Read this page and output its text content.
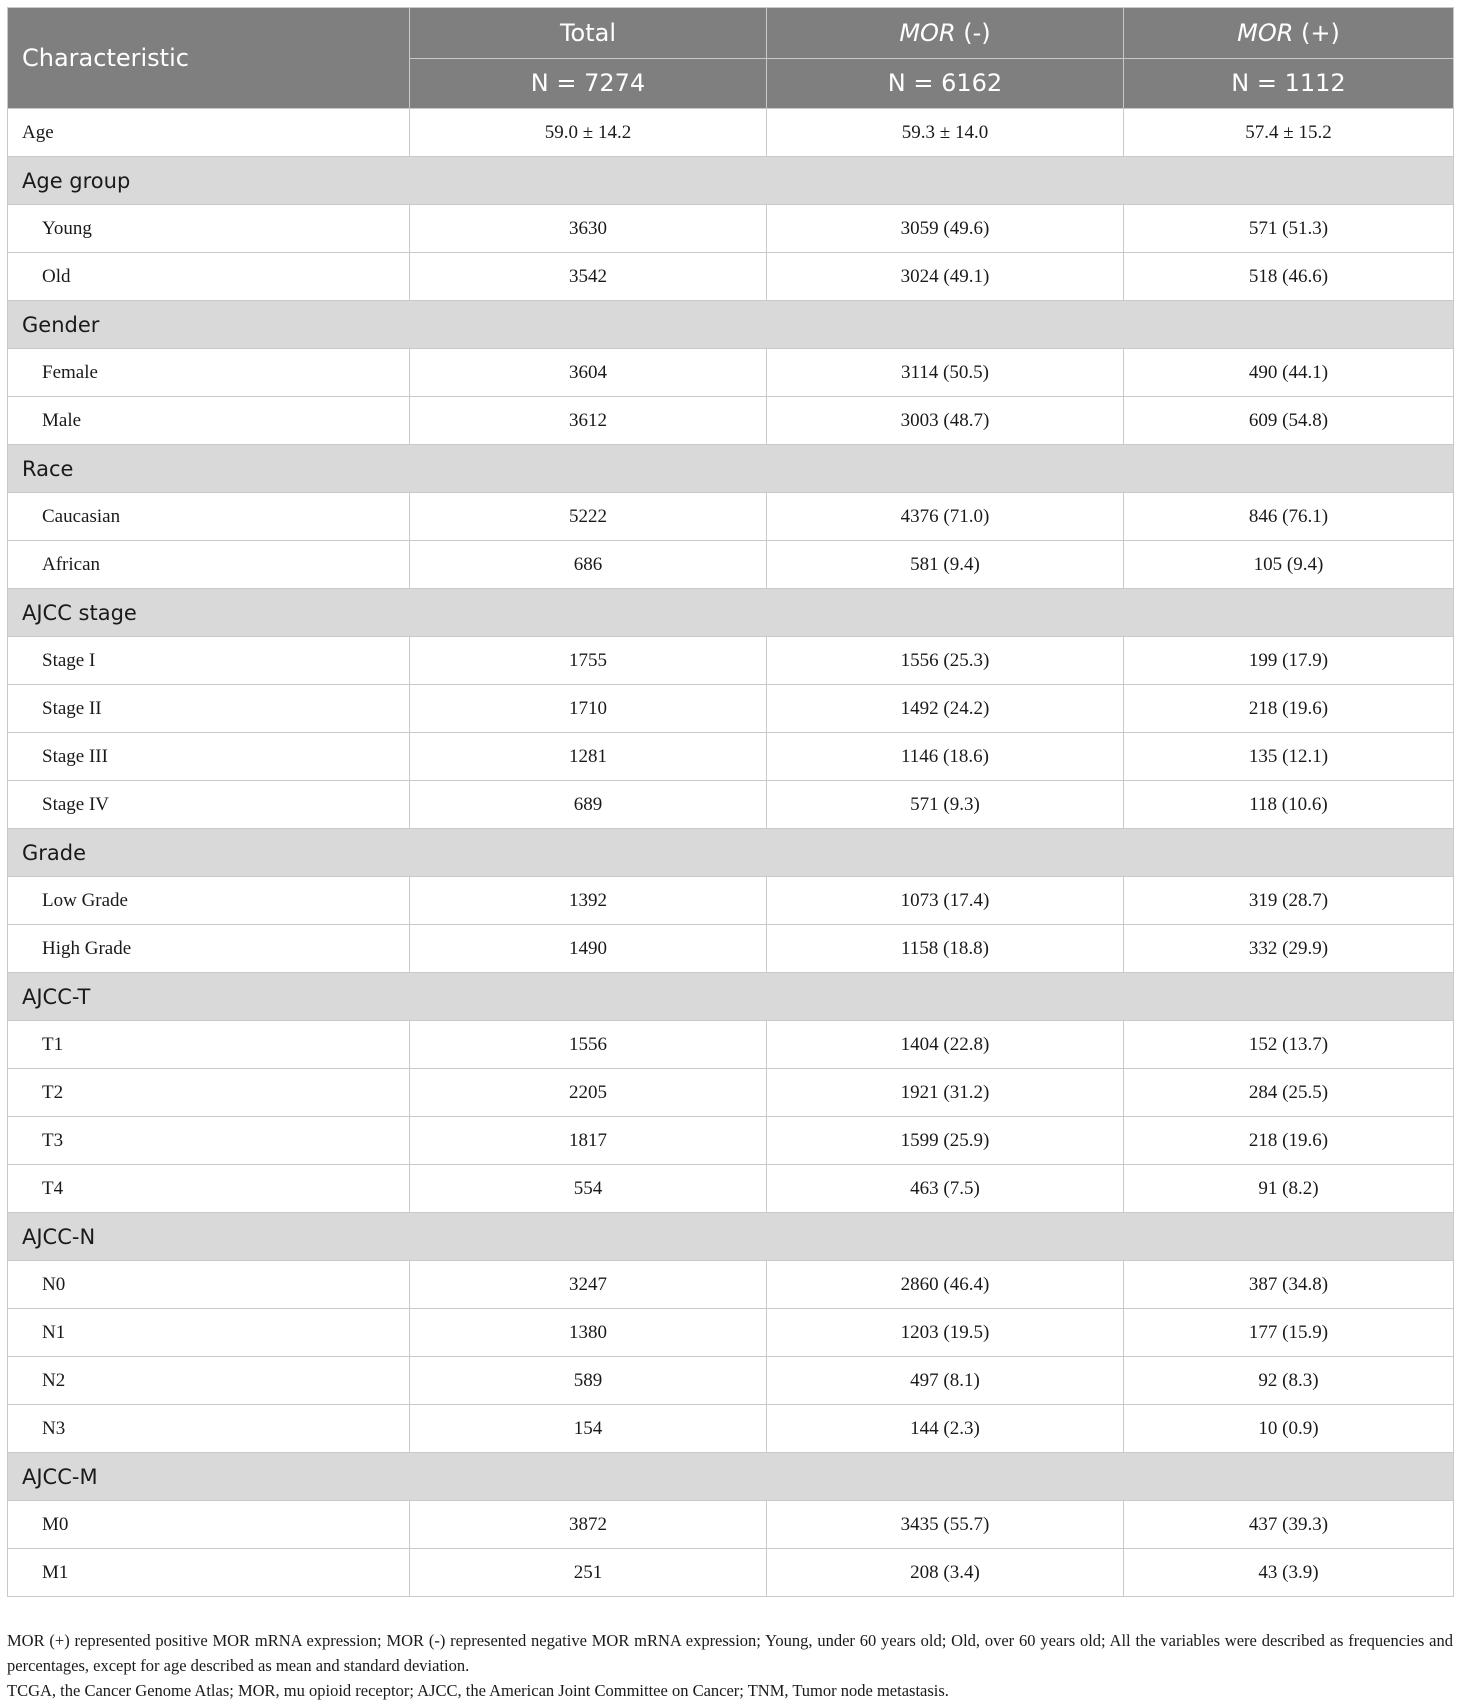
Characteristic	Total	MOR (-)	MOR (+)
	N = 7274	N = 6162	N = 1112
Age	59.0 ± 14.2	59.3 ± 14.0	57.4 ± 15.2
Age group			
Young	3630	3059 (49.6)	571 (51.3)
Old	3542	3024 (49.1)	518 (46.6)
Gender			
Female	3604	3114 (50.5)	490 (44.1)
Male	3612	3003 (48.7)	609 (54.8)
Race			
Caucasian	5222	4376 (71.0)	846 (76.1)
African	686	581 (9.4)	105 (9.4)
AJCC stage			
Stage I	1755	1556 (25.3)	199 (17.9)
Stage II	1710	1492 (24.2)	218 (19.6)
Stage III	1281	1146 (18.6)	135 (12.1)
Stage IV	689	571 (9.3)	118 (10.6)
Grade			
Low Grade	1392	1073 (17.4)	319 (28.7)
High Grade	1490	1158 (18.8)	332 (29.9)
AJCC-T			
T1	1556	1404 (22.8)	152 (13.7)
T2	2205	1921 (31.2)	284 (25.5)
T3	1817	1599 (25.9)	218 (19.6)
T4	554	463 (7.5)	91 (8.2)
AJCC-N			
N0	3247	2860 (46.4)	387 (34.8)
N1	1380	1203 (19.5)	177 (15.9)
N2	589	497 (8.1)	92 (8.3)
N3	154	144 (2.3)	10 (0.9)
AJCC-M			
M0	3872	3435 (55.7)	437 (39.3)
M1	251	208 (3.4)	43 (3.9)

MOR (+) represented positive MOR mRNA expression; MOR (-) represented negative MOR mRNA expression; Young, under 60 years old; Old, over 60 years old; All the variables were described as frequencies and percentages, except for age described as mean and standard deviation.

TCGA, the Cancer Genome Atlas; MOR, mu opioid receptor; AJCC, the American Joint Committee on Cancer; TNM, Tumor node metastasis.
